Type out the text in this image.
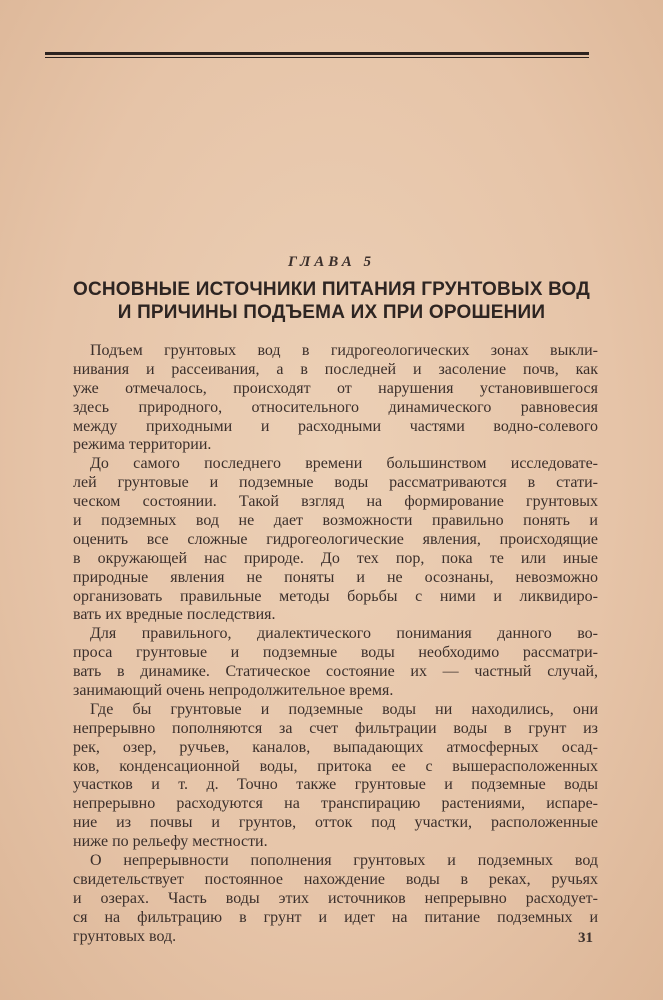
ГЛАВА 5
ОСНОВНЫЕ ИСТОЧНИКИ ПИТАНИЯ ГРУНТОВЫХ ВОД
И ПРИЧИНЫ ПОДЪЕМА ИХ ПРИ ОРОШЕНИИ
Подъем грунтовых вод в гидрогеологических зонах выкли-
нивания и рассеивания, а в последней и засоление почв, как
уже отмечалось, происходят от нарушения установившегося
здесь природного, относительного динамического равновесия
между приходными и расходными частями водно-солевого
режима территории.
До самого последнего времени большинством исследовате-
лей грунтовые и подземные воды рассматриваются в стати-
ческом состоянии. Такой взгляд на формирование грунтовых
и подземных вод не дает возможности правильно понять и
оценить все сложные гидрогеологические явления, происходящие
в окружающей нас природе. До тех пор, пока те или иные
природные явления не поняты и не осознаны, невозможно
организовать правильные методы борьбы с ними и ликвидиро-
вать их вредные последствия.
Для правильного, диалектического понимания данного во-
проса грунтовые и подземные воды необходимо рассматри-
вать в динамике. Статическое состояние их — частный случай,
занимающий очень непродолжительное время.
Где бы грунтовые и подземные воды ни находились, они
непрерывно пополняются за счет фильтрации воды в грунт из
рек, озер, ручьев, каналов, выпадающих атмосферных осад-
ков, конденсационной воды, притока ее с вышерасположенных
участков и т. д. Точно также грунтовые и подземные воды
непрерывно расходуются на транспирацию растениями, испаре-
ние из почвы и грунтов, отток под участки, расположенные
ниже по рельефу местности.
О непрерывности пополнения грунтовых и подземных вод
свидетельствует постоянное нахождение воды в реках, ручьях
и озерах. Часть воды этих источников непрерывно расходует-
ся на фильтрацию в грунт и идет на питаниe подземных и
грунтовых вод.	31
